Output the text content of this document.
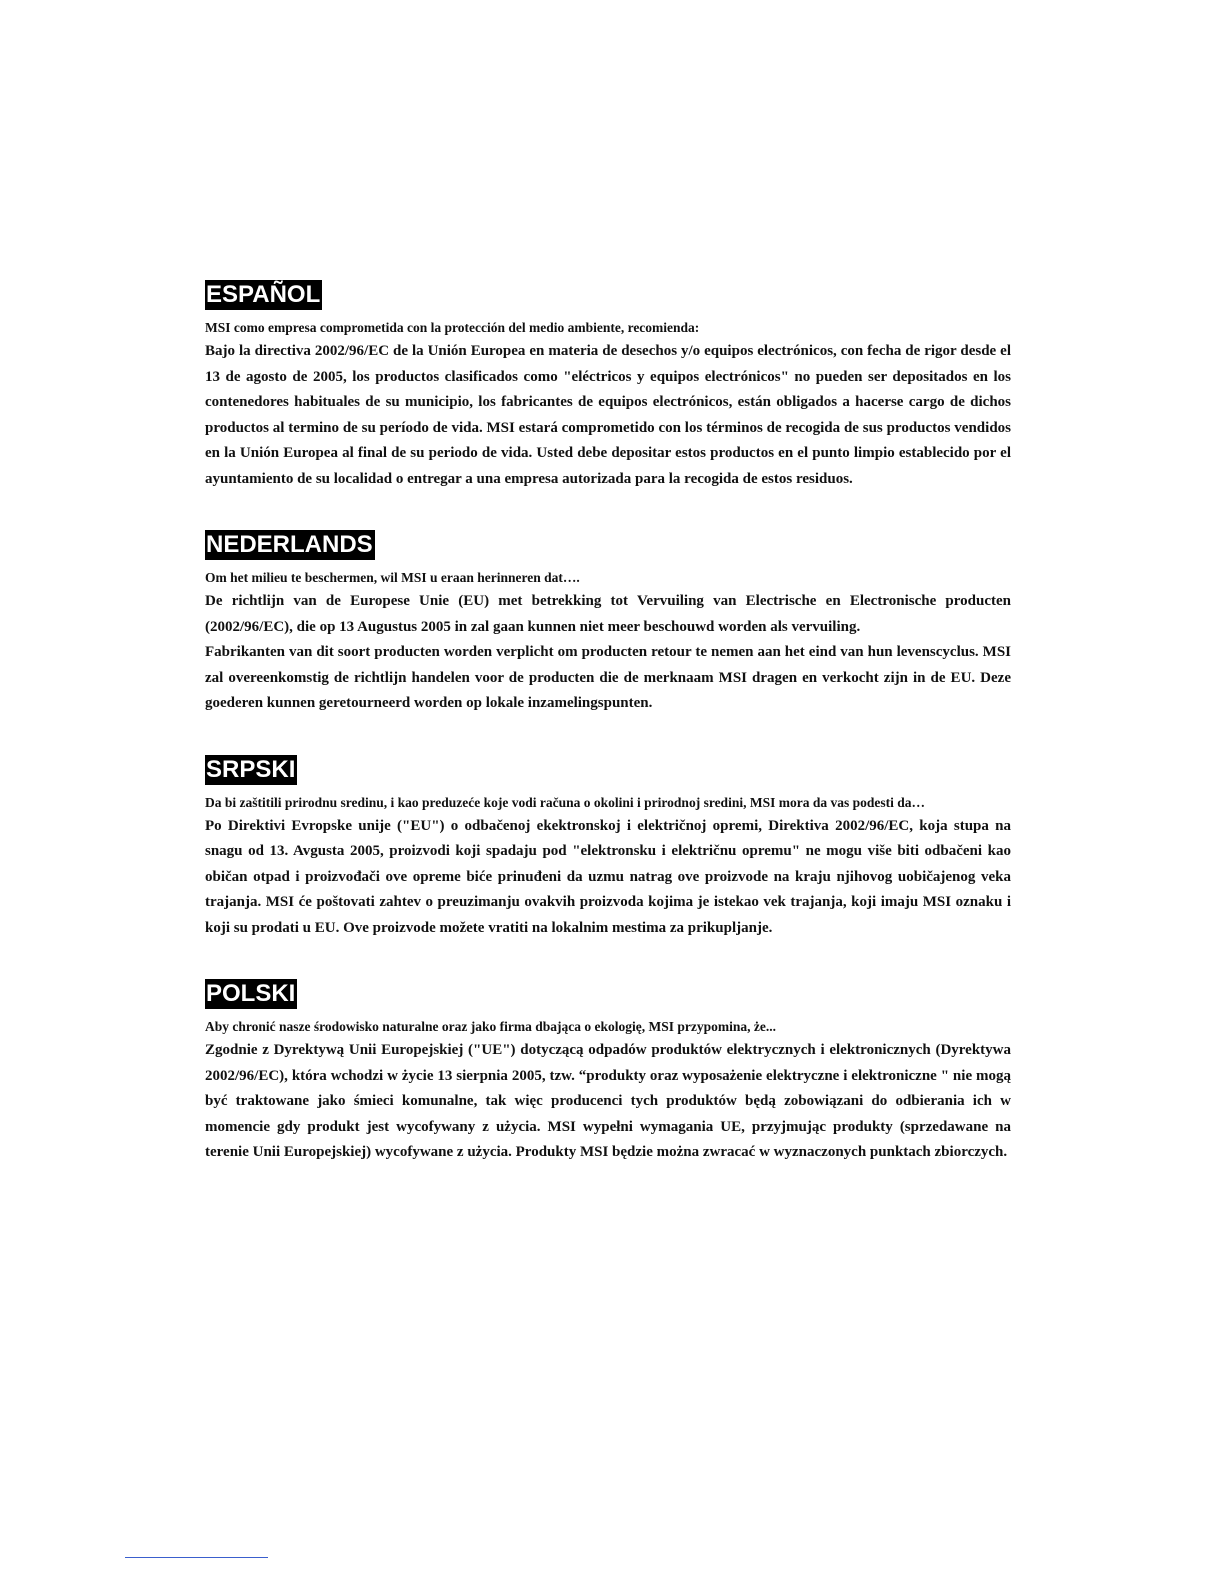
ESPAÑOL

MSI como empresa comprometida con la protección del medio ambiente, recomienda:

Bajo la directiva 2002/96/EC de la Unión Europea en materia de desechos y/o equipos electrónicos, con fecha de rigor desde el 13 de agosto de 2005, los productos clasificados como "eléctricos y equipos electrónicos" no pueden ser depositados en los contenedores habituales de su municipio, los fabricantes de equipos electrónicos, están obligados a hacerse cargo de dichos productos al termino de su período de vida. MSI estará comprometido con los términos de recogida de sus productos vendidos en la Unión Europea al final de su periodo de vida. Usted debe depositar estos productos en el punto limpio establecido por el ayuntamiento de su localidad o entregar a una empresa autorizada para la recogida de estos residuos.

NEDERLANDS

Om het milieu te beschermen, wil MSI u eraan herinneren dat….

De richtlijn van de Europese Unie (EU) met betrekking tot Vervuiling van Electrische en Electronische producten (2002/96/EC), die op 13 Augustus 2005 in zal gaan kunnen niet meer beschouwd worden als vervuiling.

Fabrikanten van dit soort producten worden verplicht om producten retour te nemen aan het eind van hun levenscyclus. MSI zal overeenkomstig de richtlijn handelen voor de producten die de merknaam MSI dragen en verkocht zijn in de EU. Deze goederen kunnen geretourneerd worden op lokale inzamelingspunten.

SRPSKI

Da bi zaštitili prirodnu sredinu, i kao preduzeće koje vodi računa o okolini i prirodnoj sredini, MSI mora da vas podesti da…

Po Direktivi Evropske unije ("EU") o odbačenoj ekektronskoj i električnoj opremi, Direktiva 2002/96/EC, koja stupa na snagu od 13. Avgusta 2005, proizvodi koji spadaju pod "elektronsku i električnu opremu" ne mogu više biti odbačeni kao običan otpad i proizvođači ove opreme biće prinuđeni da uzmu natrag ove proizvode na kraju njihovog uobičajenog veka trajanja. MSI će poštovati zahtev o preuzimanju ovakvih proizvoda kojima je istekao vek trajanja, koji imaju MSI oznaku i koji su prodati u EU. Ove proizvode možete vratiti na lokalnim mestima za prikupljanje.

POLSKI

Aby chronić nasze środowisko naturalne oraz jako firma dbająca o ekologię, MSI przypomina, że...

Zgodnie z Dyrektywą Unii Europejskiej ("UE") dotyczącą odpadów produktów elektrycznych i elektronicznych (Dyrektywa 2002/96/EC), która wchodzi w życie 13 sierpnia 2005, tzw. “produkty oraz wyposażenie elektryczne i elektroniczne " nie mogą być traktowane jako śmieci komunalne, tak więc producenci tych produktów będą zobowiązani do odbierania ich w momencie gdy produkt jest wycofywany z użycia. MSI wypełni wymagania UE, przyjmując produkty (sprzedawane na terenie Unii Europejskiej) wycofywane z użycia. Produkty MSI będzie można zwracać w wyznaczonych punktach zbiorczych.
